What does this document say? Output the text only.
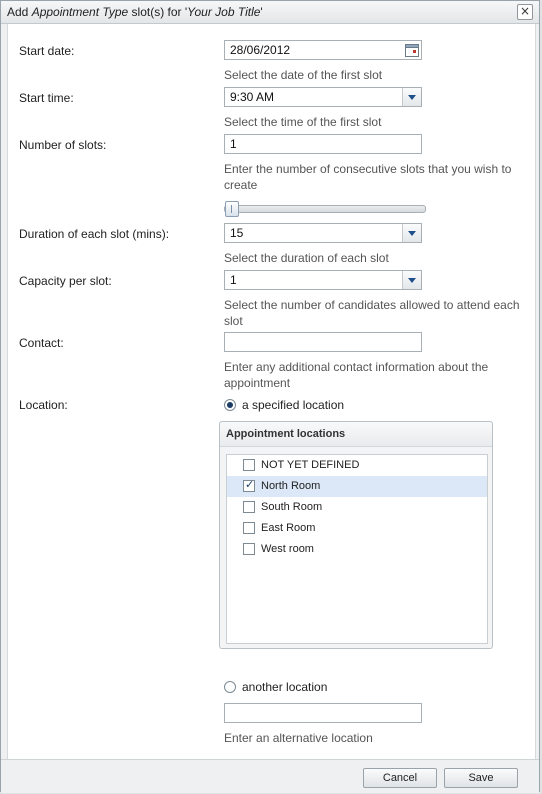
Add Appointment Type slot(s) for 'Your Job Title'	×
Start date:	28/06/2012
Select the date of the first slot
Start time:	9:30 AM
Select the time of the first slot
Number of slots:	1
Enter the number of consecutive slots that you wish to create
Duration of each slot (mins):	15
Select the duration of each slot
Capacity per slot:	1
Select the number of candidates allowed to attend each slot
Contact:
Enter any additional contact information about the appointment
Location:	a specified location
Appointment locations
NOT YET DEFINED
✓
North Room
South Room
East Room
West room
another location
Enter an alternative location
Cancel	Save
